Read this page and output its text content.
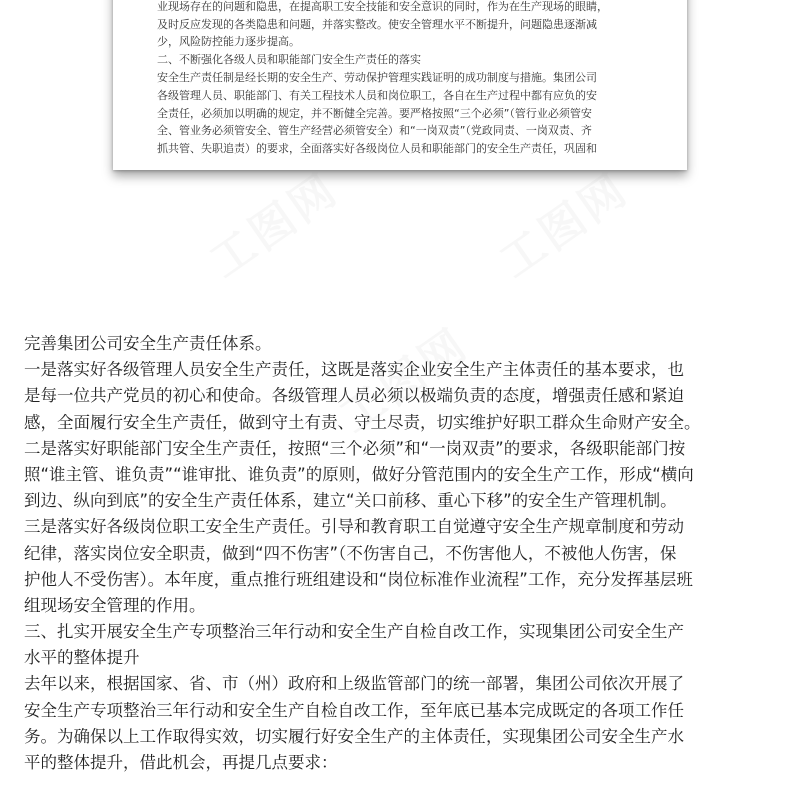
业现场存在的问题和隐患，在提高职工安全技能和安全意识的同时，作为在生产现场的眼睛，
及时反应发现的各类隐患和问题，并落实整改。使安全管理水平不断提升，问题隐患逐渐减
少，风险防控能力逐步提高。
二、不断强化各级人员和职能部门安全生产责任的落实
安全生产责任制是经长期的安全生产、劳动保护管理实践证明的成功制度与措施。集团公司
各级管理人员、职能部门、有关工程技术人员和岗位职工，各自在生产过程中都有应负的安
全责任，必须加以明确的规定，并不断健全完善。要严格按照“三个必须”（管行业必须管安
全、管业务必须管安全、管生产经营必须管安全）和“一岗双责”（党政同责、一岗双责、齐
抓共管、失职追责）的要求，全面落实好各级岗位人员和职能部门的安全生产责任，巩固和
工图网	工图网
工图网
完善集团公司安全生产责任体系。
一是落实好各级管理人员安全生产责任，这既是落实企业安全生产主体责任的基本要求，也
是每一位共产党员的初心和使命。各级管理人员必须以极端负责的态度，增强责任感和紧迫
感，全面履行安全生产责任，做到守土有责、守土尽责，切实维护好职工群众生命财产安全。
二是落实好职能部门安全生产责任，按照“三个必须”和“一岗双责”的要求，各级职能部门按
照“谁主管、谁负责”“谁审批、谁负责”的原则，做好分管范围内的安全生产工作，形成“横向
到边、纵向到底”的安全生产责任体系，建立“关口前移、重心下移”的安全生产管理机制。
三是落实好各级岗位职工安全生产责任。引导和教育职工自觉遵守安全生产规章制度和劳动
纪律，落实岗位安全职责，做到“四不伤害”（不伤害自己，不伤害他人，不被他人伤害，保
护他人不受伤害）。本年度，重点推行班组建设和“岗位标准作业流程”工作，充分发挥基层班
组现场安全管理的作用。
三、扎实开展安全生产专项整治三年行动和安全生产自检自改工作，实现集团公司安全生产
水平的整体提升
去年以来，根据国家、省、市（州）政府和上级监管部门的统一部署，集团公司依次开展了
安全生产专项整治三年行动和安全生产自检自改工作，至年底已基本完成既定的各项工作任
务。为确保以上工作取得实效，切实履行好安全生产的主体责任，实现集团公司安全生产水
平的整体提升，借此机会，再提几点要求：
